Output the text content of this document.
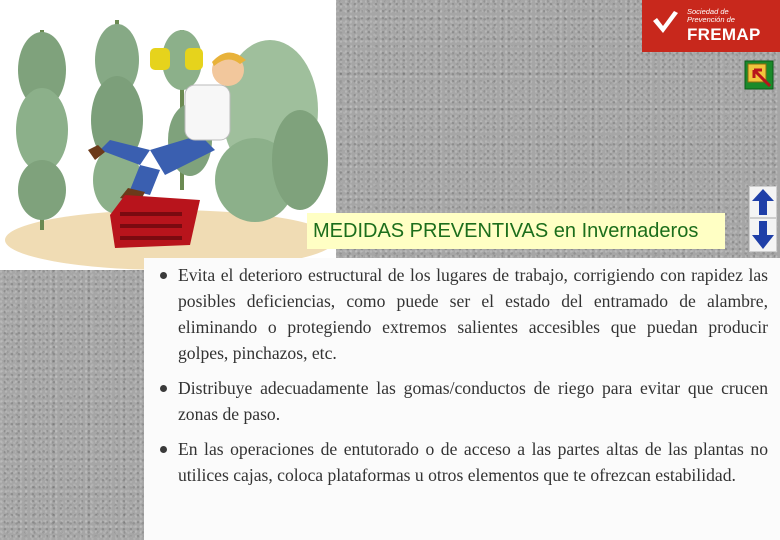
Sociedad de
Prevención de
FREMAP
MEDIDAS PREVENTIVAS en Invernaderos
Evita el deterioro estructural de los lugares de trabajo, corrigiendo con rapidez las posibles deficiencias, como puede ser el estado del entramado de alambre, eliminando o protegiendo extremos salientes accesibles que puedan producir golpes, pinchazos, etc.
Distribuye adecuadamente las gomas/conductos de riego para evitar que crucen zonas de paso.
En las operaciones de entutorado o de acceso a las partes altas de las plantas no utilices cajas, coloca plataformas u otros elementos que te ofrezcan estabilidad.
